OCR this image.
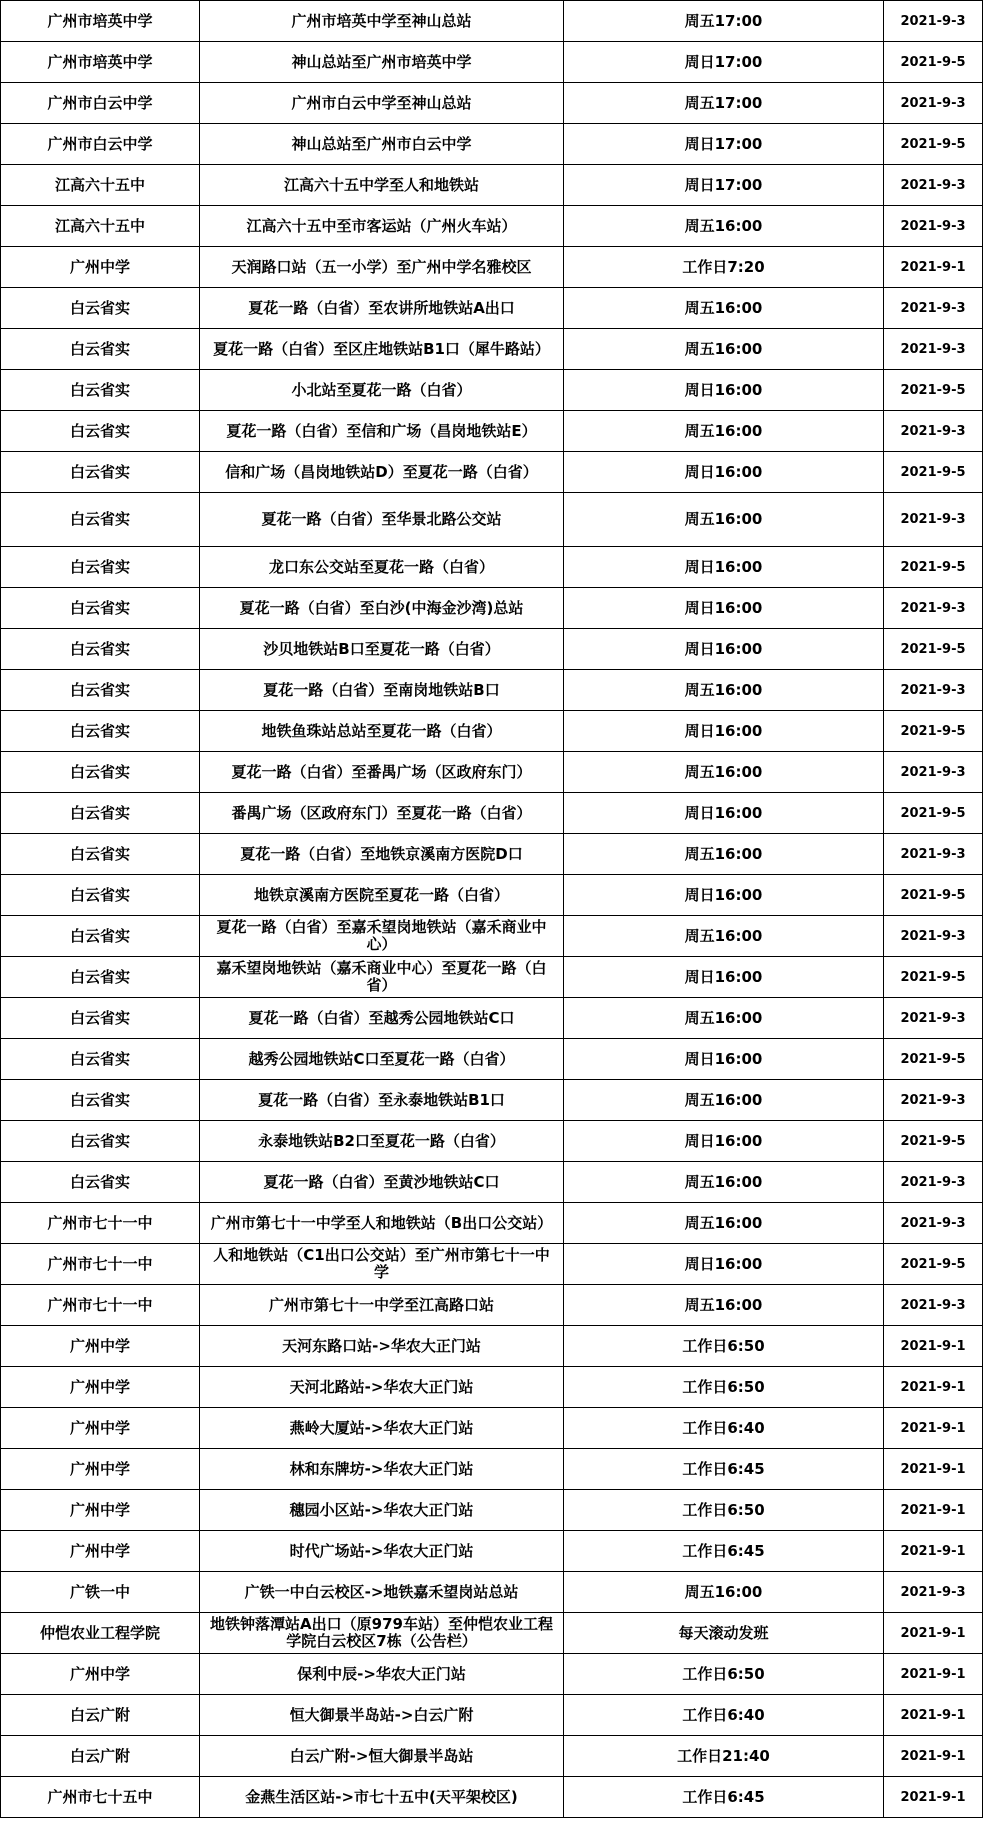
广州市培英中学	广州市培英中学至神山总站	周五17:00	2021-9-3
广州市培英中学	神山总站至广州市培英中学	周日17:00	2021-9-5
广州市白云中学	广州市白云中学至神山总站	周五17:00	2021-9-3
广州市白云中学	神山总站至广州市白云中学	周日17:00	2021-9-5
江高六十五中	江高六十五中学至人和地铁站	周日17:00	2021-9-3
江高六十五中	江高六十五中至市客运站（广州火车站）	周五16:00	2021-9-3
广州中学	天润路口站（五一小学）至广州中学名雅校区	工作日7:20	2021-9-1
白云省实	夏花一路（白省）至农讲所地铁站A出口	周五16:00	2021-9-3
白云省实	夏花一路（白省）至区庄地铁站B1口（犀牛路站）	周五16:00	2021-9-3
白云省实	小北站至夏花一路（白省）	周日16:00	2021-9-5
白云省实	夏花一路（白省）至信和广场（昌岗地铁站E）	周五16:00	2021-9-3
白云省实	信和广场（昌岗地铁站D）至夏花一路（白省）	周日16:00	2021-9-5
白云省实	夏花一路（白省）至华景北路公交站	周五16:00	2021-9-3
白云省实	龙口东公交站至夏花一路（白省）	周日16:00	2021-9-5
白云省实	夏花一路（白省）至白沙(中海金沙湾)总站	周日16:00	2021-9-3
白云省实	沙贝地铁站B口至夏花一路（白省）	周日16:00	2021-9-5
白云省实	夏花一路（白省）至南岗地铁站B口	周五16:00	2021-9-3
白云省实	地铁鱼珠站总站至夏花一路（白省）	周日16:00	2021-9-5
白云省实	夏花一路（白省）至番禺广场（区政府东门）	周五16:00	2021-9-3
白云省实	番禺广场（区政府东门）至夏花一路（白省）	周日16:00	2021-9-5
白云省实	夏花一路（白省）至地铁京溪南方医院D口	周五16:00	2021-9-3
白云省实	地铁京溪南方医院至夏花一路（白省）	周日16:00	2021-9-5
白云省实	夏花一路（白省）至嘉禾望岗地铁站（嘉禾商业中心）	周五16:00	2021-9-3
白云省实	嘉禾望岗地铁站（嘉禾商业中心）至夏花一路（白省）	周日16:00	2021-9-5
白云省实	夏花一路（白省）至越秀公园地铁站C口	周五16:00	2021-9-3
白云省实	越秀公园地铁站C口至夏花一路（白省）	周日16:00	2021-9-5
白云省实	夏花一路（白省）至永泰地铁站B1口	周五16:00	2021-9-3
白云省实	永泰地铁站B2口至夏花一路（白省）	周日16:00	2021-9-5
白云省实	夏花一路（白省）至黄沙地铁站C口	周五16:00	2021-9-3
广州市七十一中	广州市第七十一中学至人和地铁站（B出口公交站）	周五16:00	2021-9-3
广州市七十一中	人和地铁站（C1出口公交站）至广州市第七十一中学	周日16:00	2021-9-5
广州市七十一中	广州市第七十一中学至江高路口站	周五16:00	2021-9-3
广州中学	天河东路口站->华农大正门站	工作日6:50	2021-9-1
广州中学	天河北路站->华农大正门站	工作日6:50	2021-9-1
广州中学	燕岭大厦站->华农大正门站	工作日6:40	2021-9-1
广州中学	林和东牌坊->华农大正门站	工作日6:45	2021-9-1
广州中学	穗园小区站->华农大正门站	工作日6:50	2021-9-1
广州中学	时代广场站->华农大正门站	工作日6:45	2021-9-1
广铁一中	广铁一中白云校区->地铁嘉禾望岗站总站	周五16:00	2021-9-3
仲恺农业工程学院	地铁钟落潭站A出口（原979车站）至仲恺农业工程学院白云校区7栋（公告栏）	每天滚动发班	2021-9-1
广州中学	保利中辰->华农大正门站	工作日6:50	2021-9-1
白云广附	恒大御景半岛站->白云广附	工作日6:40	2021-9-1
白云广附	白云广附->恒大御景半岛站	工作日21:40	2021-9-1
广州市七十五中	金燕生活区站->市七十五中(天平架校区)	工作日6:45	2021-9-1
